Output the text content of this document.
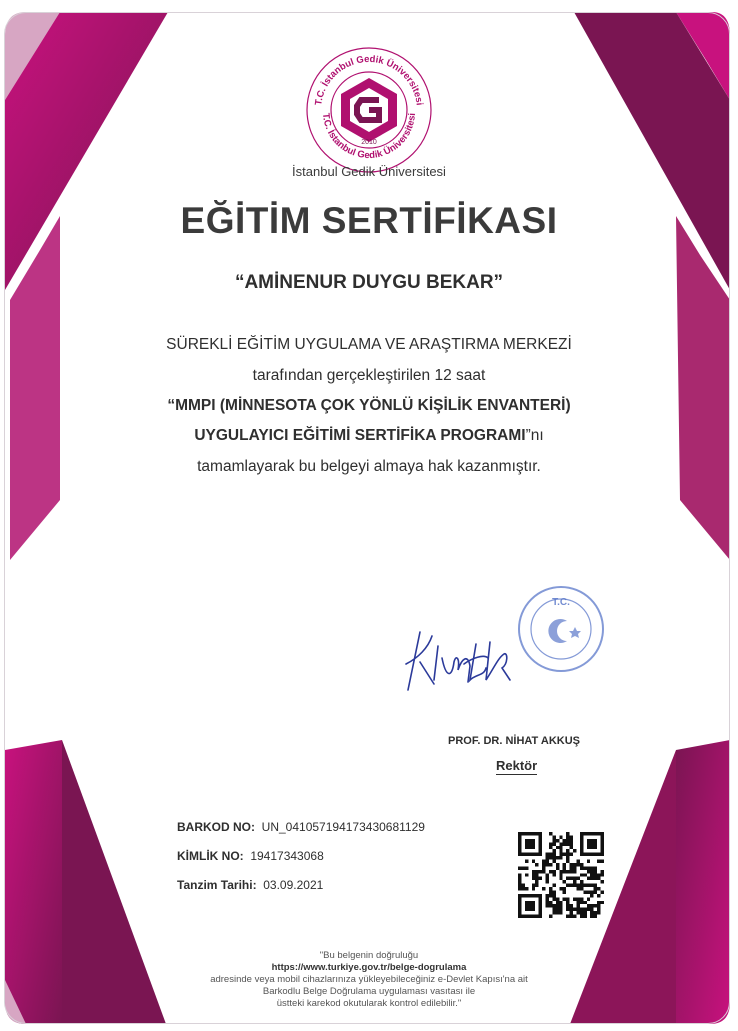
T.C. İstanbul Gedik Üniversitesi
T.C. İstanbul Gedik Üniversitesi
2010
İstanbul Gedik Üniversitesi
EĞİTİM SERTİFİKASI
“AMİNENUR DUYGU BEKAR”
SÜREKLİ EĞİTİM UYGULAMA VE ARAŞTIRMA MERKEZİ
tarafından gerçekleştirilen 12 saat
“MMPI (MİNNESOTA ÇOK YÖNLÜ KİŞİLİK ENVANTERİ)
UYGULAYICI EĞİTİMİ SERTİFİKA PROGRAMI”nı
tamamlayarak bu belgeyi almaya hak kazanmıştır.
T.C.
PROF. DR. NİHAT AKKUŞ
Rektör
BARKOD NO: UN_041057194173430681129
KİMLİK NO: 19417343068
Tanzim Tarihi: 03.09.2021
"Bu belgenin doğruluğu
https://www.turkiye.gov.tr/belge-dogrulama
adresinde veya mobil cihazlarınıza yükleyebileceğiniz e-Devlet Kapısı'na ait
Barkodlu Belge Doğrulama uygulaması vasıtası ile
üstteki karekod okutularak kontrol edilebilir."
